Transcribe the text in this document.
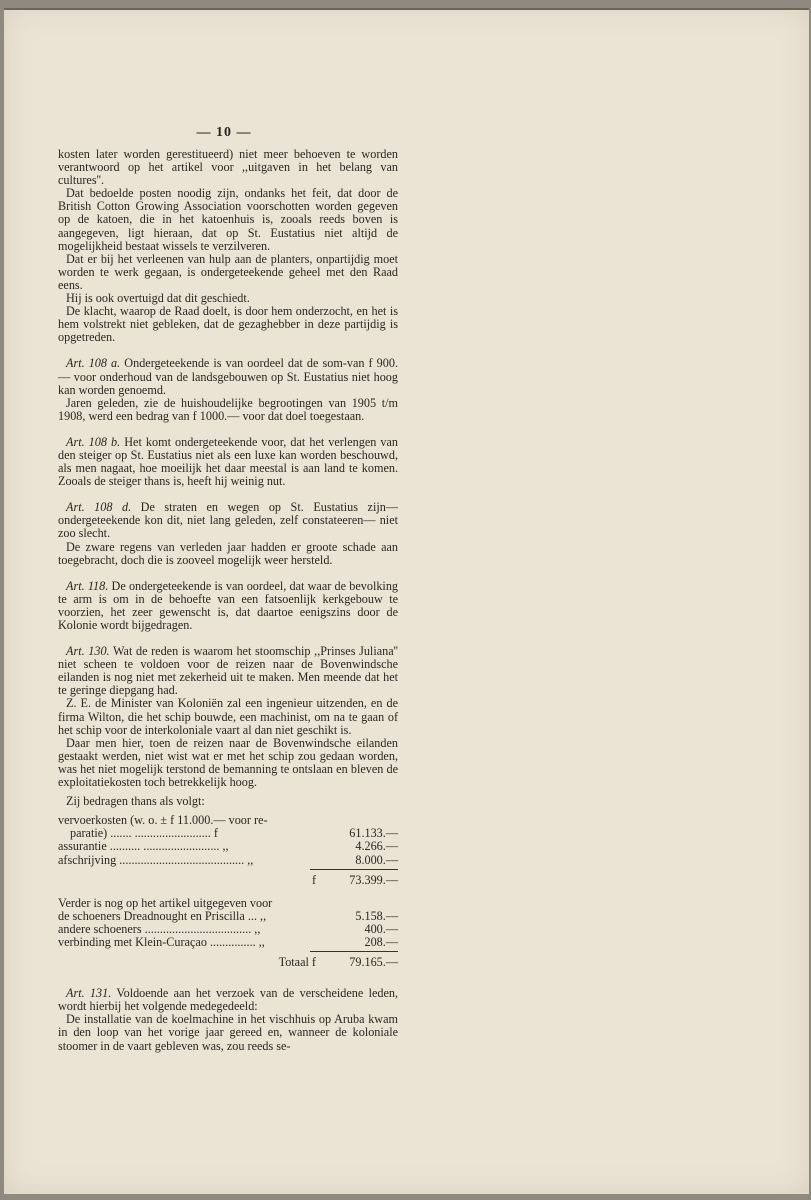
— 10 —

kosten later worden gerestitueerd) niet meer behoeven te worden verantwoord op het artikel voor ,,uitgaven in het belang van cultures''.

Dat bedoelde posten noodig zijn, ondanks het feit, dat door de British Cotton Growing Association voorschotten worden gegeven op de katoen, die in het katoenhuis is, zooals reeds boven is aangegeven, ligt hieraan, dat op St. Eustatius niet altijd de mogelijkheid bestaat wissels te verzilveren.

Dat er bij het verleenen van hulp aan de planters, onpartijdig moet worden te werk gegaan, is ondergeteekende geheel met den Raad eens.

Hij is ook overtuigd dat dit geschiedt.

De klacht, waarop de Raad doelt, is door hem onderzocht, en het is hem volstrekt niet gebleken, dat de gezaghebber in deze partijdig is opgetreden.

Art. 108 a. Ondergeteekende is van oordeel dat de som-van f 900.— voor onderhoud van de landsgebouwen op St. Eustatius niet hoog kan worden genoemd.

Jaren geleden, zie de huishoudelijke begrootingen van 1905 t/m 1908, werd een bedrag van f 1000.— voor dat doel toegestaan.

Art. 108 b. Het komt ondergeteekende voor, dat het verlengen van den steiger op St. Eustatius niet als een luxe kan worden beschouwd, als men nagaat, hoe moeilijk het daar meestal is aan land te komen. Zooals de steiger thans is, heeft hij weinig nut.

Art. 108 d. De straten en wegen op St. Eustatius zijn— ondergeteekende kon dit, niet lang geleden, zelf constateeren— niet zoo slecht.

De zware regens van verleden jaar hadden er groote schade aan toegebracht, doch die is zooveel mogelijk weer hersteld.

Art. 118. De ondergeteekende is van oordeel, dat waar de bevolking te arm is om in de behoefte van een fatsoenlijk kerkgebouw te voorzien, het zeer gewenscht is, dat daartoe eenigszins door de Kolonie wordt bijgedragen.

Art. 130. Wat de reden is waarom het stoomschip ,,Prinses Juliana'' niet scheen te voldoen voor de reizen naar de Bovenwindsche eilanden is nog niet met zekerheid uit te maken. Men meende dat het te geringe diepgang had.

Z. E. de Minister van Koloniën zal een ingenieur uitzenden, en de firma Wilton, die het schip bouwde, een machinist, om na te gaan of het schip voor de interkoloniale vaart al dan niet geschikt is.

Daar men hier, toen de reizen naar de Bovenwindsche eilanden gestaakt werden, niet wist wat er met het schip zou gedaan worden, was het niet mogelijk terstond de bemanning te ontslaan en bleven de exploitatiekosten toch betrekkelijk hoog.

Zij bedragen thans als volgt:

vervoerkosten (w. o. ± f 11.000.— voor re-
paratie) ....... ......................... f	61.133.—
assurantie .......... ......................... ,,	4.266.—
afschrijving ......................................... ,,	8.000.—
f	73.399.—
Verder is nog op het artikel uitgegeven voor
de schoeners Dreadnought en Priscilla ... ,,	5.158.—
andere schoeners ................................... ,,	400.—
verbinding met Klein-Curaçao ............... ,,	208.—
Totaal f	79.165.—

Art. 131. Voldoende aan het verzoek van de verscheidene leden, wordt hierbij het volgende medegedeeld:

De installatie van de koelmachine in het vischhuis op Aruba kwam in den loop van het vorige jaar gereed en, wanneer de koloniale stoomer in de vaart gebleven was, zou reeds se-
